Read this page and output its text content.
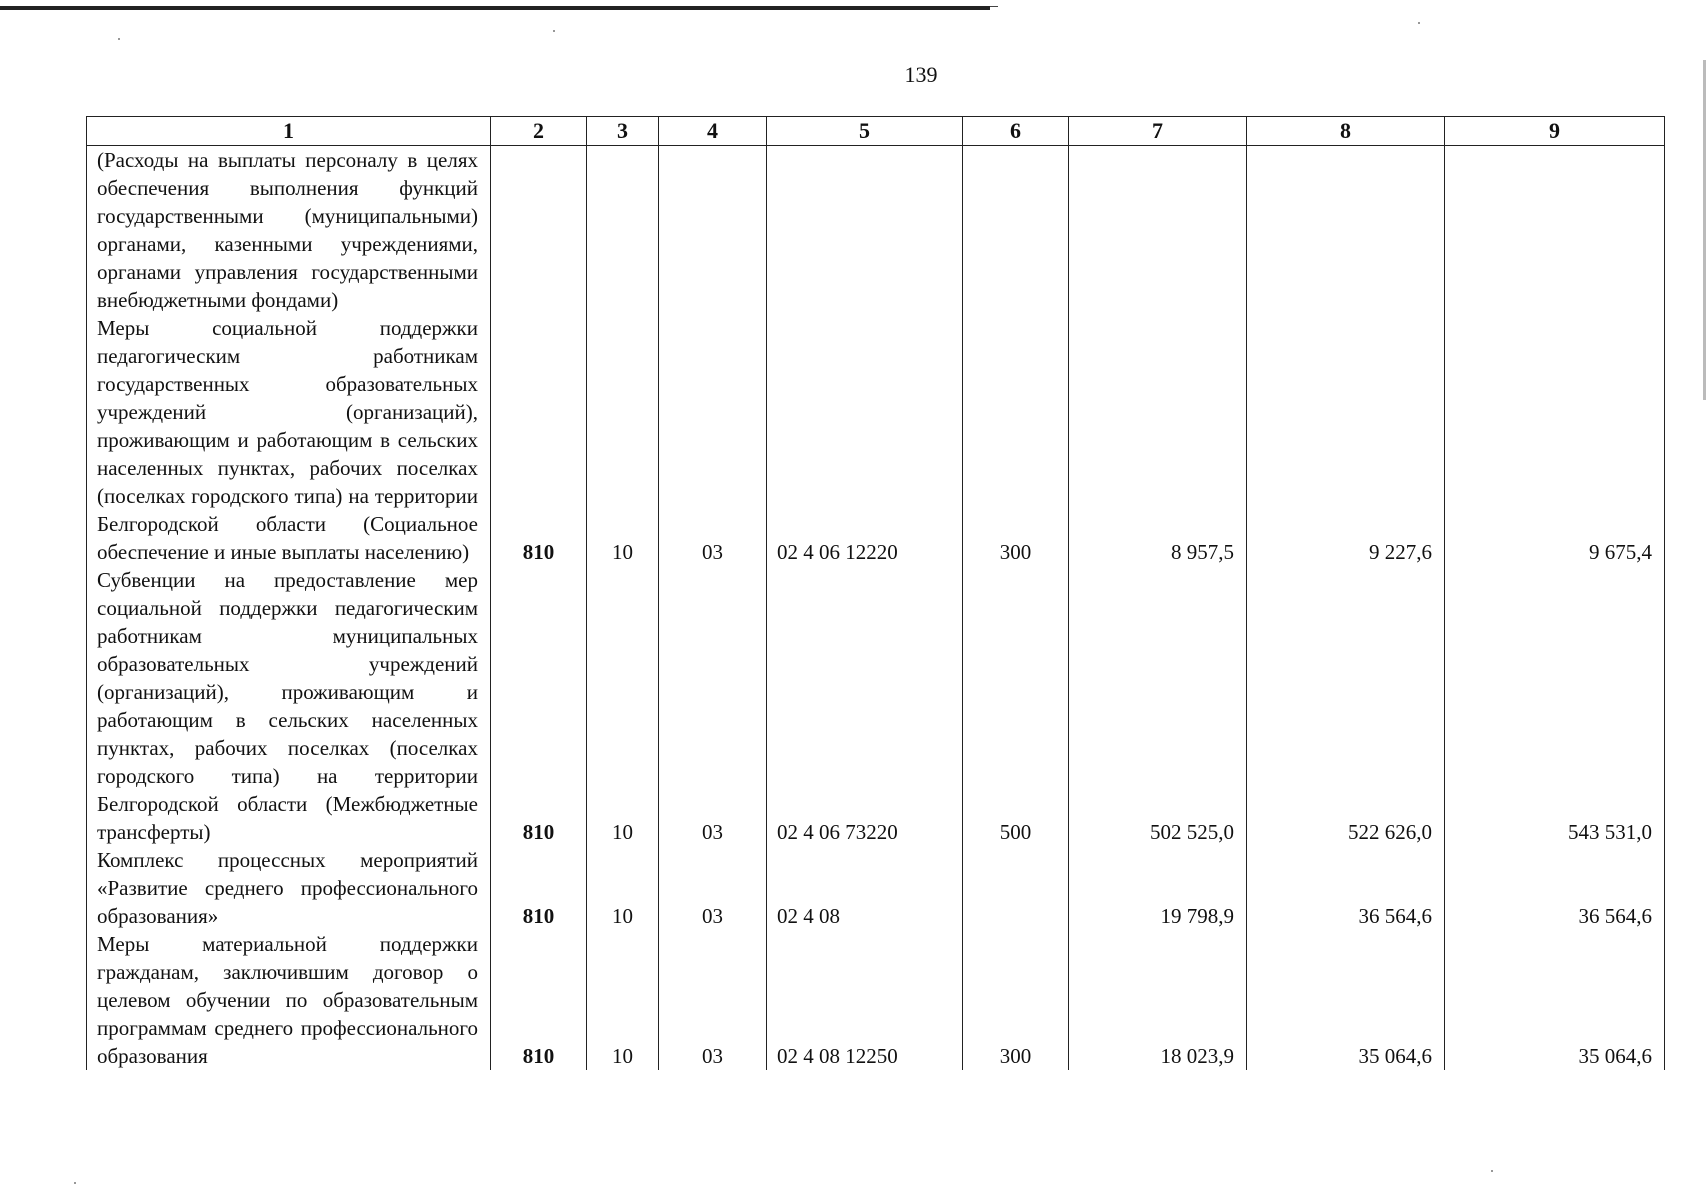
139
1	2	3	4	5	6	7	8	9
(Расходы на выплаты персоналу в целях обеспечения выполнения функций государственными (муниципальными) органами, казенными учреждениями, органами управления государственными внебюджетными фондами)								
Меры социальной поддержки педагогическим работникам государственных образовательных учреждений (организаций), проживающим и работающим в сельских населенных пунктах, рабочих поселках (поселках городского типа) на территории Белгородской области (Социальное обеспечение и иные выплаты населению)	810	10	03	02 4 06 12220	300	8 957,5	9 227,6	9 675,4
Субвенции на предоставление мер социальной поддержки педагогическим работникам муниципальных образовательных учреждений (организаций), проживающим и работающим в сельских населенных пунктах, рабочих поселках (поселках городского типа) на территории Белгородской области (Межбюджетные трансферты)	810	10	03	02 4 06 73220	500	502 525,0	522 626,0	543 531,0
Комплекс процессных мероприятий «Развитие среднего профессионального образования»	810	10	03	02 4 08		19 798,9	36 564,6	36 564,6
Меры материальной поддержки гражданам, заключившим договор о целевом обучении по образовательным программам среднего профессионального образования	810	10	03	02 4 08 12250	300	18 023,9	35 064,6	35 064,6
